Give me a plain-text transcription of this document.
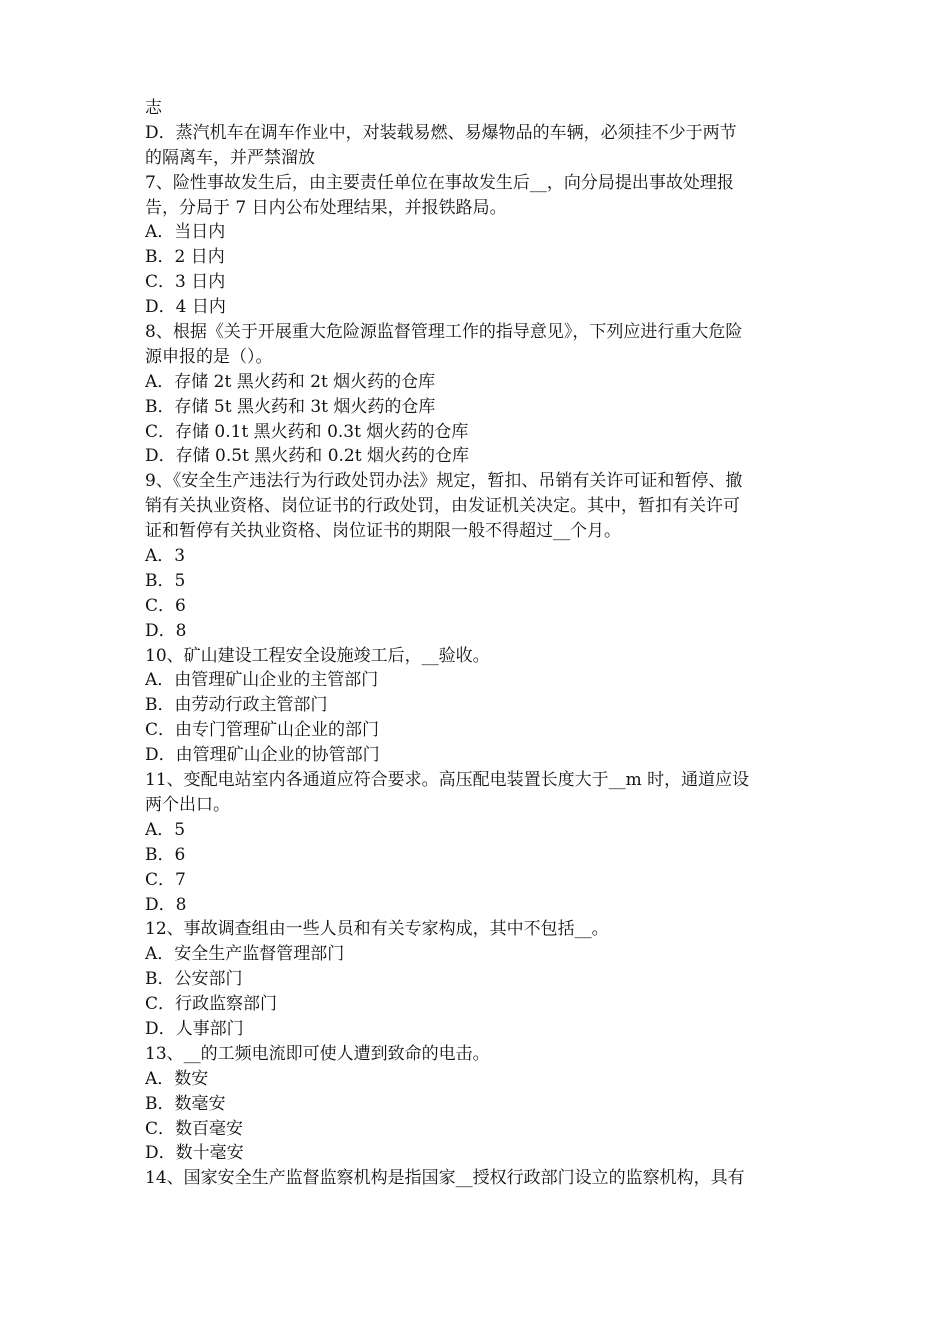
志
D．蒸汽机车在调车作业中，对装载易燃、易爆物品的车辆，必须挂不少于两节
的隔离车，并严禁溜放
7、险性事故发生后，由主要责任单位在事故发生后__，向分局提出事故处理报
告，分局于 7 日内公布处理结果，并报铁路局。
A．当日内
B．2 日内
C．3 日内
D．4 日内
8、根据《关于开展重大危险源监督管理工作的指导意见》，下列应进行重大危险
源申报的是（）。
A．存储 2t 黑火药和 2t 烟火药的仓库
B．存储 5t 黑火药和 3t 烟火药的仓库
C．存储 0.1t 黑火药和 0.3t 烟火药的仓库
D．存储 0.5t 黑火药和 0.2t 烟火药的仓库
9、《安全生产违法行为行政处罚办法》规定，暂扣、吊销有关许可证和暂停、撤
销有关执业资格、岗位证书的行政处罚，由发证机关决定。其中，暂扣有关许可
证和暂停有关执业资格、岗位证书的期限一般不得超过__个月。
A．3
B．5
C．6
D．8
10、矿山建设工程安全设施竣工后，__验收。
A．由管理矿山企业的主管部门
B．由劳动行政主管部门
C．由专门管理矿山企业的部门
D．由管理矿山企业的协管部门
11、变配电站室内各通道应符合要求。高压配电装置长度大于__m 时，通道应设
两个出口。
A．5
B．6
C．7
D．8
12、事故调查组由一些人员和有关专家构成，其中不包括__。
A．安全生产监督管理部门
B．公安部门
C．行政监察部门
D．人事部门
13、__的工频电流即可使人遭到致命的电击。
A．数安
B．数毫安
C．数百毫安
D．数十毫安
14、国家安全生产监督监察机构是指国家__授权行政部门设立的监察机构，具有
